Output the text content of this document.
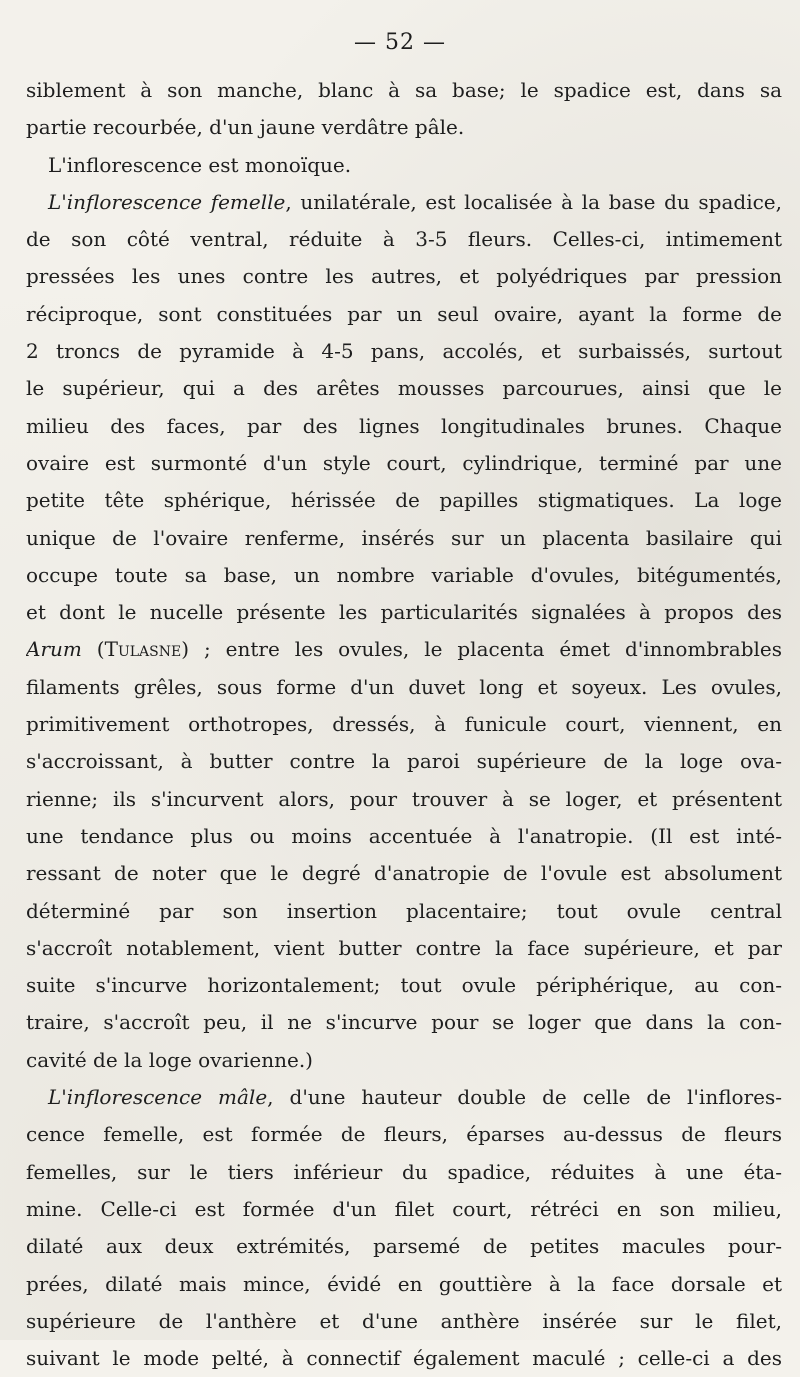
— 52 —
siblement à son manche, blanc à sa base; le spadice est, dans sa
partie recourbée, d'un jaune verdâtre pâle.
L'inflorescence est monoïque.
L'inflorescence femelle, unilatérale, est localisée à la base du spadice,
de son côté ventral, réduite à 3-5 fleurs. Celles-ci, intimement
pressées les unes contre les autres, et polyédriques par pression
réciproque, sont constituées par un seul ovaire, ayant la forme de
2 troncs de pyramide à 4-5 pans, accolés, et surbaissés, surtout
le supérieur, qui a des arêtes mousses parcourues, ainsi que le
milieu des faces, par des lignes longitudinales brunes. Chaque
ovaire est surmonté d'un style court, cylindrique, terminé par une
petite tête sphérique, hérissée de papilles stigmatiques. La loge
unique de l'ovaire renferme, insérés sur un placenta basilaire qui
occupe toute sa base, un nombre variable d'ovules, bitégumentés,
et dont le nucelle présente les particularités signalées à propos des
Arum (Tulasne) ; entre les ovules, le placenta émet d'innombrables
filaments grêles, sous forme d'un duvet long et soyeux. Les ovules,
primitivement orthotropes, dressés, à funicule court, viennent, en
s'accroissant, à butter contre la paroi supérieure de la loge ova-
rienne; ils s'incurvent alors, pour trouver à se loger, et présentent
une tendance plus ou moins accentuée à l'anatropie. (Il est inté-
ressant de noter que le degré d'anatropie de l'ovule est absolument
déterminé par son insertion placentaire; tout ovule central
s'accroît notablement, vient butter contre la face supérieure, et par
suite s'incurve horizontalement; tout ovule périphérique, au con-
traire, s'accroît peu, il ne s'incurve pour se loger que dans la con-
cavité de la loge ovarienne.)
L'inflorescence mâle, d'une hauteur double de celle de l'inflores-
cence femelle, est formée de fleurs, éparses au-dessus de fleurs
femelles, sur le tiers inférieur du spadice, réduites à une éta-
mine. Celle-ci est formée d'un filet court, rétréci en son milieu,
dilaté aux deux extrémités, parsemé de petites macules pour-
prées, dilaté mais mince, évidé en gouttière à la face dorsale et
supérieure de l'anthère et d'une anthère insérée sur le filet,
suivant le mode pelté, à connectif également maculé ; celle-ci a des
